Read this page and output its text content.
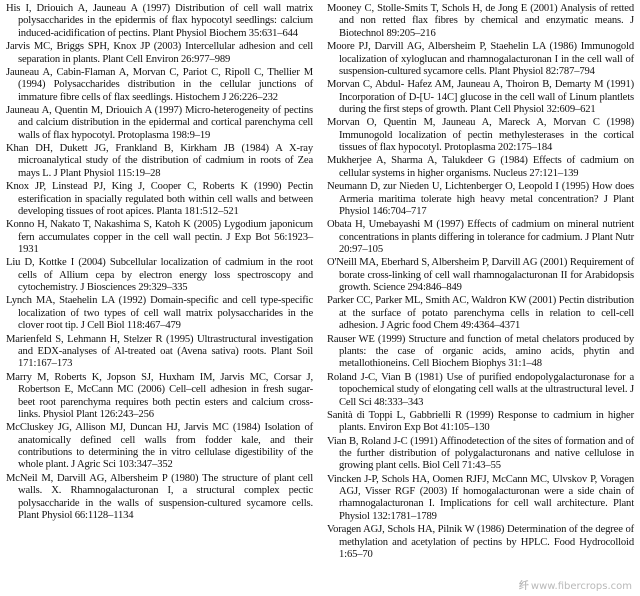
His I, Driouich A, Jauneau A (1997) Distribution of cell wall matrix polysaccharides in the epidermis of flax hypocotyl seedlings: calcium induced-acidification of pectins. Plant Physiol Biochem 35:631–644

Jarvis MC, Briggs SPH, Knox JP (2003) Intercellular adhesion and cell separation in plants. Plant Cell Environ 26:977–989

Jauneau A, Cabin-Flaman A, Morvan C, Pariot C, Ripoll C, Thellier M (1994) Polysaccharides distribution in the cellular junctions of immature fibre cells of flax seedlings. Histochem J 26:226–232

Jauneau A, Quentin M, Driouich A (1997) Micro-heterogeneity of pectins and calcium distribution in the epidermal and cortical parenchyma cell walls of flax hypocotyl. Protoplasma 198:9–19

Khan DH, Dukett JG, Frankland B, Kirkham JB (1984) A X-ray microanalytical study of the distribution of cadmium in roots of Zea mays L. J Plant Physiol 115:19–28

Knox JP, Linstead PJ, King J, Cooper C, Roberts K (1990) Pectin esterification in spacially regulated both within cell walls and between developing tissues of root apices. Planta 181:512–521

Konno H, Nakato T, Nakashima S, Katoh K (2005) Lygodium japonicum fern accumulates copper in the cell wall pectin. J Exp Bot 56:1923–1931

Liu D, Kottke I (2004) Subcellular localization of cadmium in the root cells of Allium cepa by electron energy loss spectroscopy and cytochemistry. J Biosciences 29:329–335

Lynch MA, Staehelin LA (1992) Domain-specific and cell type-specific localization of two types of cell wall matrix polysaccharides in the clover root tip. J Cell Biol 118:467–479

Marienfeld S, Lehmann H, Stelzer R (1995) Ultrastructural investigation and EDX-analyses of Al-treated oat (Avena sativa) roots. Plant Soil 171:167–173

Marry M, Roberts K, Jopson SJ, Huxham IM, Jarvis MC, Corsar J, Robertson E, McCann MC (2006) Cell–cell adhesion in fresh sugar-beet root parenchyma requires both pectin esters and calcium cross-links. Physiol Plant 126:243–256

McCluskey JG, Allison MJ, Duncan HJ, Jarvis MC (1984) Isolation of anatomically defined cell walls from fodder kale, and their contributions to determining the in vitro cellulase digestibility of the whole plant. J Agric Sci 103:347–352

McNeil M, Darvill AG, Albersheim P (1980) The structure of plant cell walls. X. Rhamnogalacturonan I, a structural complex pectic polysaccharide in the walls of suspension-cultured sycamore cells. Plant Physiol 66:1128–1134

Mooney C, Stolle-Smits T, Schols H, de Jong E (2001) Analysis of retted and non retted flax fibres by chemical and enzymatic means. J Biotechnol 89:205–216

Moore PJ, Darvill AG, Albersheim P, Staehelin LA (1986) Immunogold localization of xyloglucan and rhamnogalacturonan I in the cell wall of suspension-cultured sycamore cells. Plant Physiol 82:787–794

Morvan C, Abdul- Hafez AM, Jauneau A, Thoiron B, Demarty M (1991) Incorporation of D-[U- 14C] glucose in the cell wall of Linum plantlets during the first steps of growth. Plant Cell Physiol 32:609–621

Morvan O, Quentin M, Jauneau A, Mareck A, Morvan C (1998) Immunogold localization of pectin methylesterases in the cortical tissues of flax hypocotyl. Protoplasma 202:175–184

Mukherjee A, Sharma A, Talukdeer G (1984) Effects of cadmium on cellular systems in higher organisms. Nucleus 27:121–139

Neumann D, zur Nieden U, Lichtenberger O, Leopold I (1995) How does Armeria maritima tolerate high heavy metal concentration? J Plant Physiol 146:704–717

Obata H, Umebayashi M (1997) Effects of cadmium on mineral nutrient concentrations in plants differing in tolerance for cadmium. J Plant Nutr 20:97–105

O'Neill MA, Eberhard S, Albersheim P, Darvill AG (2001) Requirement of borate cross-linking of cell wall rhamnogalacturonan II for Arabidopsis growth. Science 294:846–849

Parker CC, Parker ML, Smith AC, Waldron KW (2001) Pectin distribution at the surface of potato parenchyma cells in relation to cell-cell adhesion. J Agric food Chem 49:4364–4371

Rauser WE (1999) Structure and function of metal chelators produced by plants: the case of organic acids, amino acids, phytin and metallothioneins. Cell Biochem Biophys 31:1–48

Roland J-C, Vian B (1981) Use of purified endopolygalacturonase for a topochemical study of elongating cell walls at the ultrastructural level. J Cell Sci 48:333–343

Sanità di Toppi L, Gabbrielli R (1999) Response to cadmium in higher plants. Environ Exp Bot 41:105–130

Vian B, Roland J-C (1991) Affinodetection of the sites of formation and of the further distribution of polygalacturonans and native cellulose in growing plant cells. Biol Cell 71:43–55

Vincken J-P, Schols HA, Oomen RJFJ, McCann MC, Ulvskov P, Voragen AGJ, Visser RGF (2003) If homogalacturonan were a side chain of rhamnogalacturonan I. Implications for cell wall architecture. Plant Physiol 132:1781–1789

Voragen AGJ, Schols HA, Pilnik W (1986) Determination of the degree of methylation and acetylation of pectins by HPLC. Food Hydrocolloid 1:65–70

纤 www.fibercrops.com
